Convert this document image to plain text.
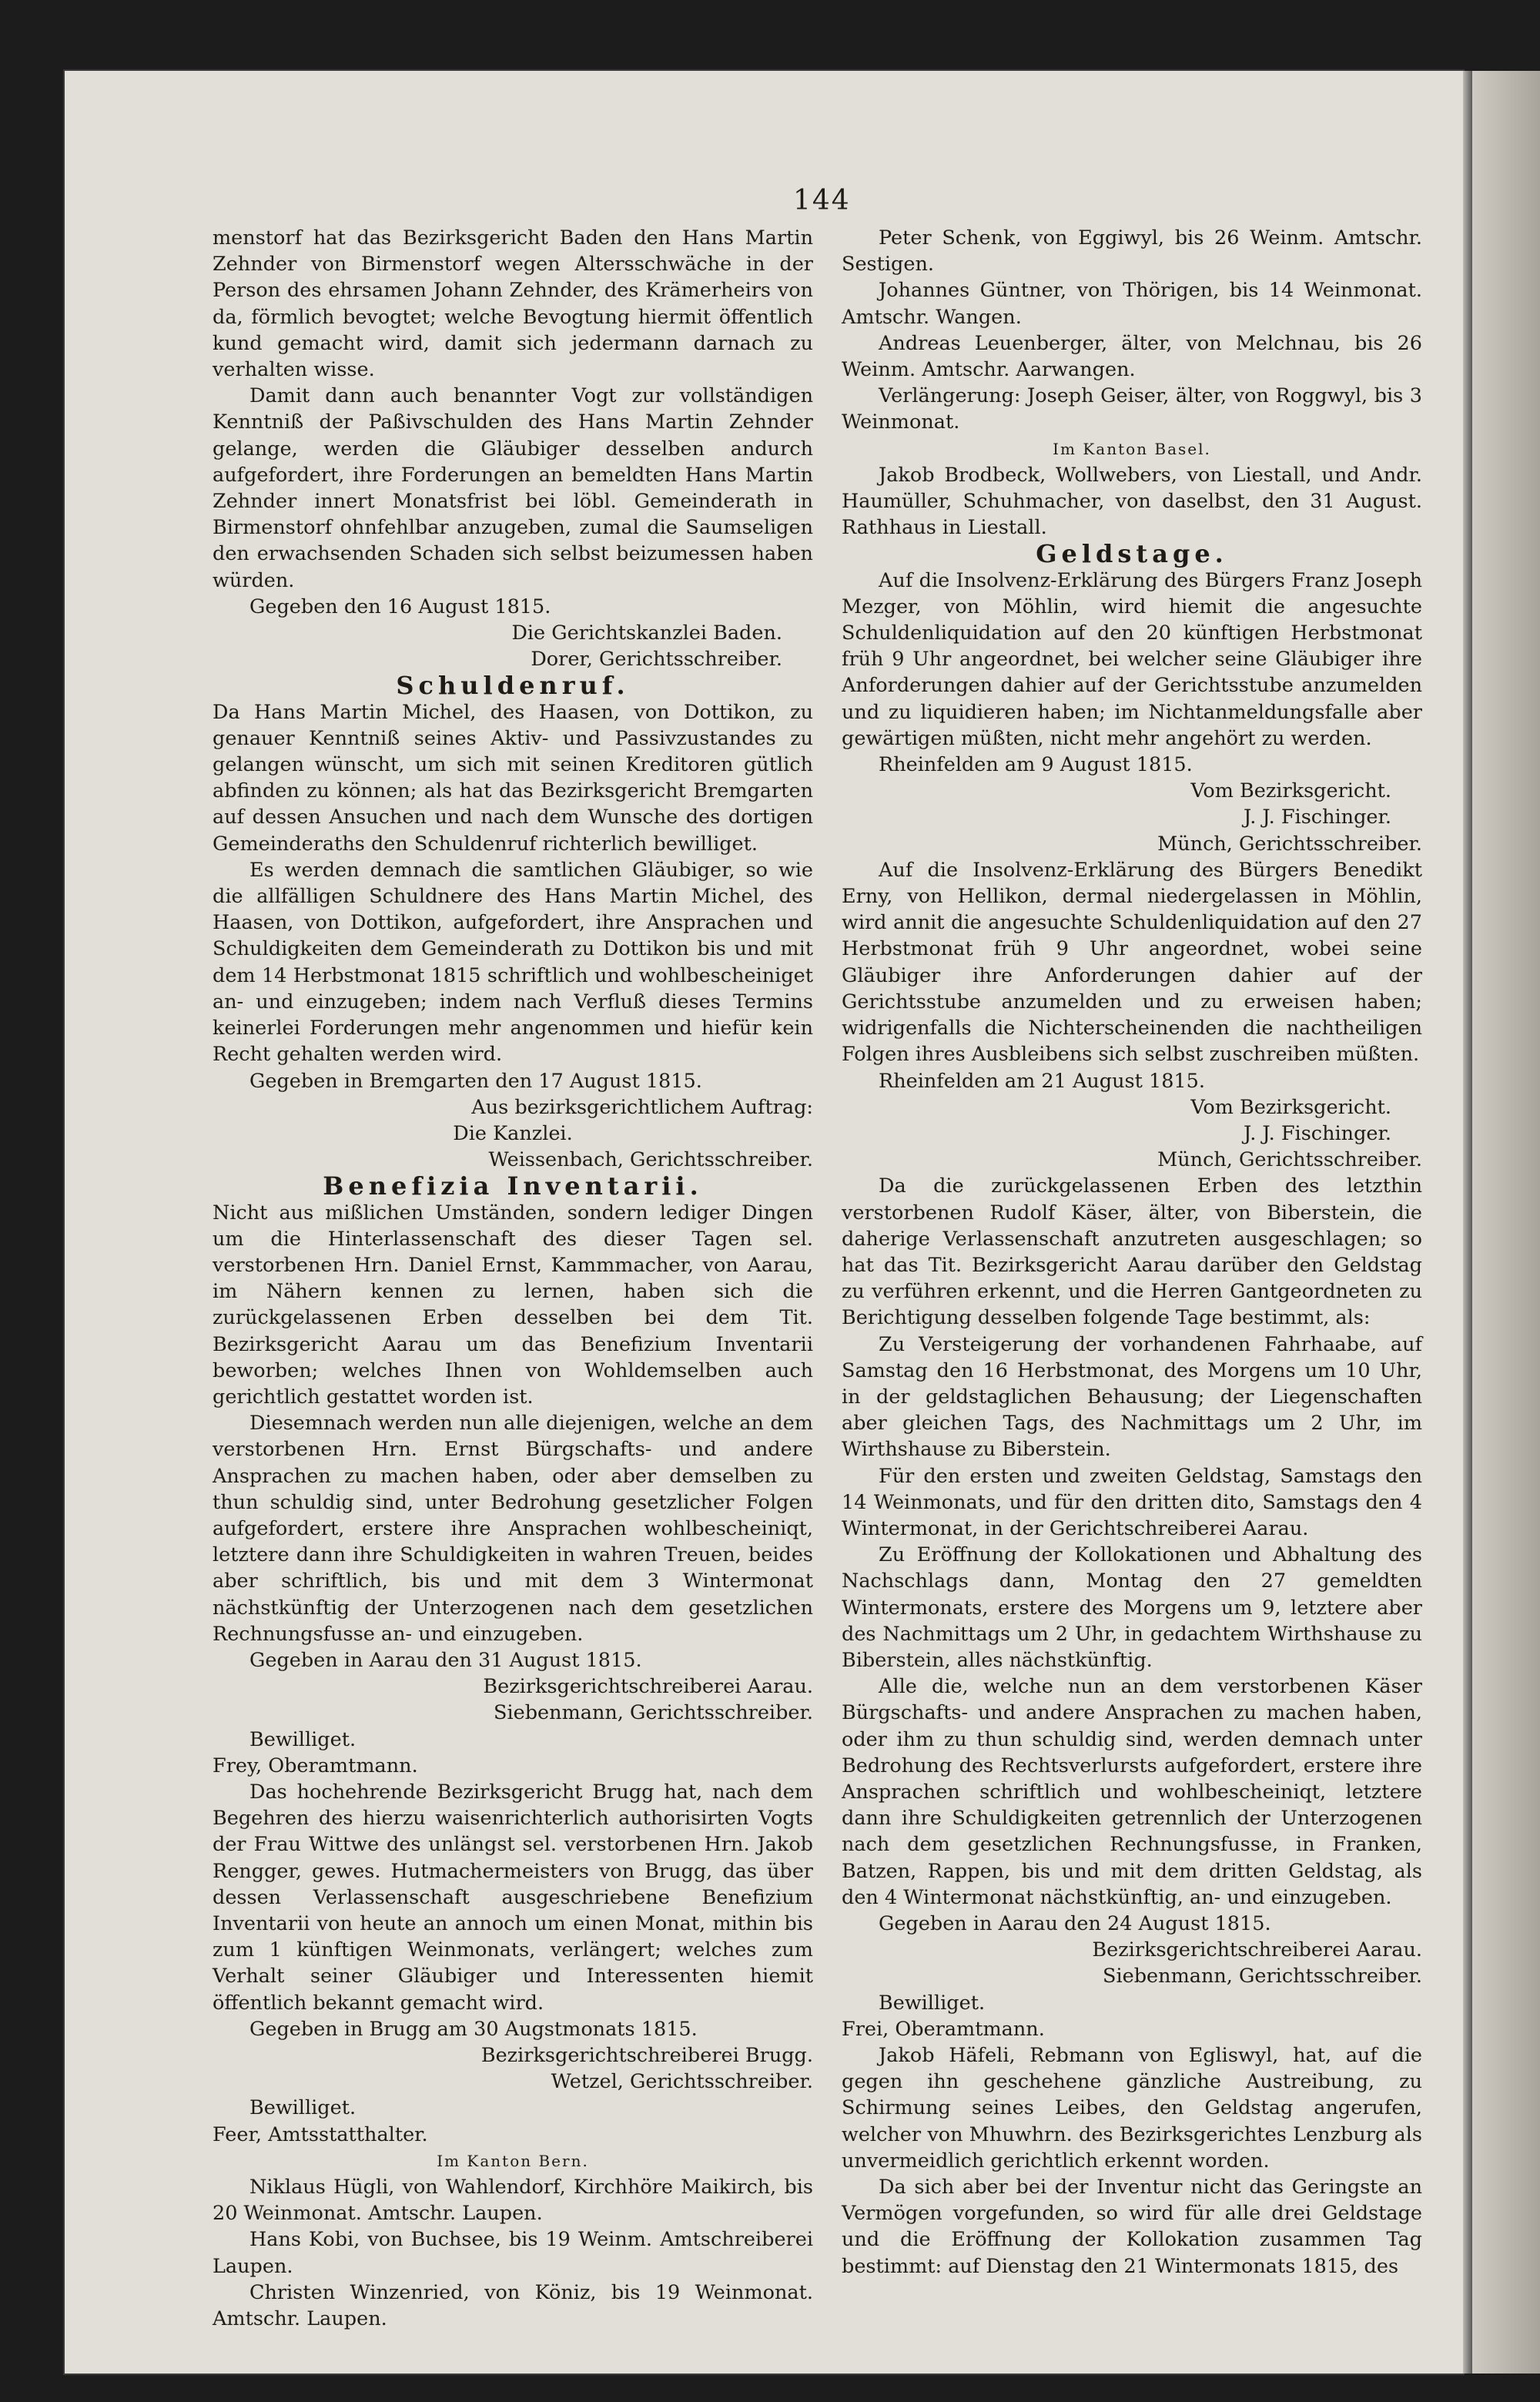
144

menstorf hat das Bezirksgericht Baden den Hans Martin Zehnder von Birmenstorf wegen Altersschwäche in der Person des ehrsamen Johann Zehnder, des Krämerheirs von da, förmlich bevogtet; welche Bevogtung hiermit öffentlich kund gemacht wird, damit sich jedermann darnach zu verhalten wisse.

Damit dann auch benannter Vogt zur vollständigen Kenntniß der Paßivschulden des Hans Martin Zehnder gelange, werden die Gläubiger desselben andurch aufgefordert, ihre Forderungen an bemeldten Hans Martin Zehnder innert Monatsfrist bei löbl. Gemeinderath in Birmenstorf ohnfehlbar anzugeben, zumal die Saumseligen den erwachsenden Schaden sich selbst beizumessen haben würden.

Gegeben den 16 August 1815.

Die Gerichtskanzlei Baden.

Dorer, Gerichtsschreiber.

Schuldenruf.

Da Hans Martin Michel, des Haasen, von Dottikon, zu genauer Kenntniß seines Aktiv- und Passivzustandes zu gelangen wünscht, um sich mit seinen Kreditoren gütlich abfinden zu können; als hat das Bezirksgericht Bremgarten auf dessen Ansuchen und nach dem Wunsche des dortigen Gemeinderaths den Schuldenruf richterlich bewilliget.

Es werden demnach die samtlichen Gläubiger, so wie die allfälligen Schuldnere des Hans Martin Michel, des Haasen, von Dottikon, aufgefordert, ihre Ansprachen und Schuldigkeiten dem Gemeinderath zu Dottikon bis und mit dem 14 Herbstmonat 1815 schriftlich und wohlbescheiniget an- und einzugeben; indem nach Verfluß dieses Termins keinerlei Forderungen mehr angenommen und hiefür kein Recht gehalten werden wird.

Gegeben in Bremgarten den 17 August 1815.

Aus bezirksgerichtlichem Auftrag:

Die Kanzlei.

Weissenbach, Gerichtsschreiber.

Benefizia Inventarii.

Nicht aus mißlichen Umständen, sondern lediger Dingen um die Hinterlassenschaft des dieser Tagen sel. verstorbenen Hrn. Daniel Ernst, Kammmacher, von Aarau, im Nähern kennen zu lernen, haben sich die zurückgelassenen Erben desselben bei dem Tit. Bezirksgericht Aarau um das Benefizium Inventarii beworben; welches Ihnen von Wohldemselben auch gerichtlich gestattet worden ist.

Diesemnach werden nun alle diejenigen, welche an dem verstorbenen Hrn. Ernst Bürgschafts- und andere Ansprachen zu machen haben, oder aber demselben zu thun schuldig sind, unter Bedrohung gesetzlicher Folgen aufgefordert, erstere ihre Ansprachen wohlbescheiniqt, letztere dann ihre Schuldigkeiten in wahren Treuen, beides aber schriftlich, bis und mit dem 3 Wintermonat nächstkünftig der Unterzogenen nach dem gesetzlichen Rechnungsfusse an- und einzugeben.

Gegeben in Aarau den 31 August 1815.

Bezirksgerichtschreiberei Aarau.

Siebenmann, Gerichtsschreiber.

Bewilliget.

Frey, Oberamtmann.

Das hochehrende Bezirksgericht Brugg hat, nach dem Begehren des hierzu waisenrichterlich authorisirten Vogts der Frau Wittwe des unlängst sel. verstorbenen Hrn. Jakob Rengger, gewes. Hutmachermeisters von Brugg, das über dessen Verlassenschaft ausgeschriebene Benefizium Inventarii von heute an annoch um einen Monat, mithin bis zum 1 künftigen Weinmonats, verlängert; welches zum Verhalt seiner Gläubiger und Interessenten hiemit öffentlich bekannt gemacht wird.

Gegeben in Brugg am 30 Augstmonats 1815.

Bezirksgerichtschreiberei Brugg.

Wetzel, Gerichtsschreiber.

Bewilliget.

Feer, Amtsstatthalter.

Im Kanton Bern.

Niklaus Hügli, von Wahlendorf, Kirchhöre Maikirch, bis 20 Weinmonat. Amtschr. Laupen.

Hans Kobi, von Buchsee, bis 19 Weinm. Amtschreiberei Laupen.

Christen Winzenried, von Köniz, bis 19 Weinmonat. Amtschr. Laupen.

Peter Schenk, von Eggiwyl, bis 26 Weinm. Amtschr. Sestigen.

Johannes Güntner, von Thörigen, bis 14 Weinmonat. Amtschr. Wangen.

Andreas Leuenberger, älter, von Melchnau, bis 26 Weinm. Amtschr. Aarwangen.

Verlängerung: Joseph Geiser, älter, von Roggwyl, bis 3 Weinmonat.

Im Kanton Basel.

Jakob Brodbeck, Wollwebers, von Liestall, und Andr. Haumüller, Schuhmacher, von daselbst, den 31 August. Rathhaus in Liestall.

Geldstage.

Auf die Insolvenz-Erklärung des Bürgers Franz Joseph Mezger, von Möhlin, wird hiemit die angesuchte Schuldenliquidation auf den 20 künftigen Herbstmonat früh 9 Uhr angeordnet, bei welcher seine Gläubiger ihre Anforderungen dahier auf der Gerichtsstube anzumelden und zu liquidieren haben; im Nichtanmeldungsfalle aber gewärtigen müßten, nicht mehr angehört zu werden.

Rheinfelden am 9 August 1815.

Vom Bezirksgericht.

J. J. Fischinger.

Münch, Gerichtsschreiber.

Auf die Insolvenz-Erklärung des Bürgers Benedikt Erny, von Hellikon, dermal niedergelassen in Möhlin, wird annit die angesuchte Schuldenliquidation auf den 27 Herbstmonat früh 9 Uhr angeordnet, wobei seine Gläubiger ihre Anforderungen dahier auf der Gerichtsstube anzumelden und zu erweisen haben; widrigenfalls die Nichterscheinenden die nachtheiligen Folgen ihres Ausbleibens sich selbst zuschreiben müßten.

Rheinfelden am 21 August 1815.

Vom Bezirksgericht.

J. J. Fischinger.

Münch, Gerichtsschreiber.

Da die zurückgelassenen Erben des letzthin verstorbenen Rudolf Käser, älter, von Biberstein, die daherige Verlassenschaft anzutreten ausgeschlagen; so hat das Tit. Bezirksgericht Aarau darüber den Geldstag zu verführen erkennt, und die Herren Gantgeordneten zu Berichtigung desselben folgende Tage bestimmt, als:

Zu Versteigerung der vorhandenen Fahrhaabe, auf Samstag den 16 Herbstmonat, des Morgens um 10 Uhr, in der geldstaglichen Behausung; der Liegenschaften aber gleichen Tags, des Nachmittags um 2 Uhr, im Wirthshause zu Biberstein.

Für den ersten und zweiten Geldstag, Samstags den 14 Weinmonats, und für den dritten dito, Samstags den 4 Wintermonat, in der Gerichtschreiberei Aarau.

Zu Eröffnung der Kollokationen und Abhaltung des Nachschlags dann, Montag den 27 gemeldten Wintermonats, erstere des Morgens um 9, letztere aber des Nachmittags um 2 Uhr, in gedachtem Wirthshause zu Biberstein, alles nächstkünftig.

Alle die, welche nun an dem verstorbenen Käser Bürgschafts- und andere Ansprachen zu machen haben, oder ihm zu thun schuldig sind, werden demnach unter Bedrohung des Rechtsverlursts aufgefordert, erstere ihre Ansprachen schriftlich und wohlbescheiniqt, letztere dann ihre Schuldigkeiten getrennlich der Unterzogenen nach dem gesetzlichen Rechnungsfusse, in Franken, Batzen, Rappen, bis und mit dem dritten Geldstag, als den 4 Wintermonat nächstkünftig, an- und einzugeben.

Gegeben in Aarau den 24 August 1815.

Bezirksgerichtschreiberei Aarau.

Siebenmann, Gerichtsschreiber.

Bewilliget.

Frei, Oberamtmann.

Jakob Häfeli, Rebmann von Egliswyl, hat, auf die gegen ihn geschehene gänzliche Austreibung, zu Schirmung seines Leibes, den Geldstag angerufen, welcher von Mhuwhrn. des Bezirksgerichtes Lenzburg als unvermeidlich gerichtlich erkennt worden.

Da sich aber bei der Inventur nicht das Geringste an Vermögen vorgefunden, so wird für alle drei Geldstage und die Eröffnung der Kollokation zusammen Tag bestimmt: auf Dienstag den 21 Wintermonats 1815, des
